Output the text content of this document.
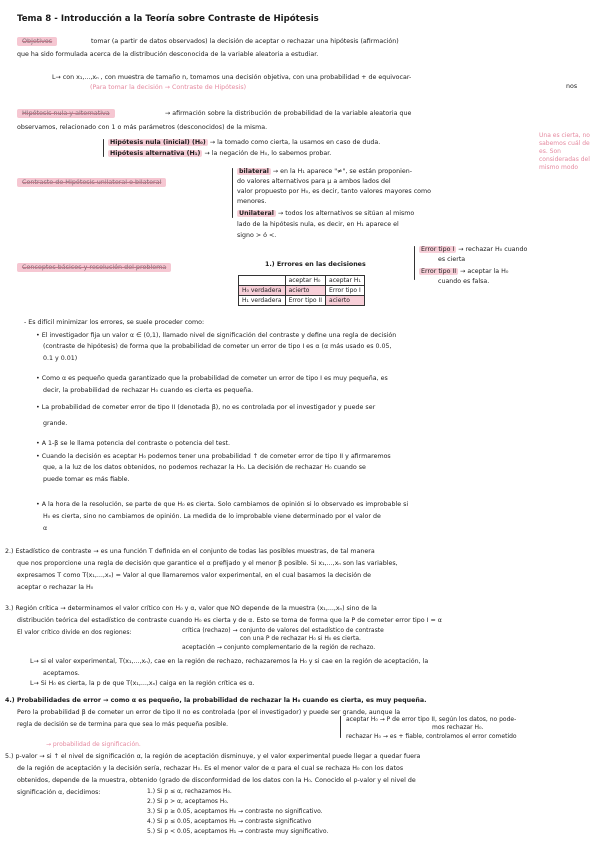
Tema 8 - Introducción a la Teoría sobre Contraste de Hipótesis
Objetivos	tomar (a partir de datos observados) la decisión de aceptar o rechazar una hipótesis (afirmación)
que ha sido formulada acerca de la distribución desconocida de la variable aleatoria a estudiar.
L→ con x₁,...,xₙ , con muestra de tamaño n, tomamos una decisión objetiva, con una probabilidad + de equivocar-
nos
(Para tomar la decisión → Contraste de Hipótesis)
Hipótesis nula y alternativa	→ afirmación sobre la distribución de probabilidad de la variable aleatoria que
observamos, relacionado con 1 o más parámetros (desconocidos) de la misma.
Hipótesis nula (inicial) (H₀) → la tomado como cierta, la usamos en caso de duda.
Hipótesis alternativa (H₁) → la negación de H₀, lo sabemos probar.
Una es cierta, no sabemos cuál de es. Son consideradas del mismo modo
Contraste de Hipótesis unilateral o bilateral
bilateral → en la H₁ aparece "≠", se están proponien-
do valores alternativos para μ a ambos lados del
valor propuesto por H₀, es decir, tanto valores mayores como
menores.
Unilateral → todos los alternativos se sitúan al mismo
lado de la hipótesis nula, es decir, en H₁ aparece el
signo > ó <.
Conceptos básicos y resolución del problema	1.) Errores en las decisiones
Error tipo I → rechazar H₀ cuando
es cierta
Error tipo II → aceptar la H₀
cuando es falsa.
	aceptar H₀	aceptar H₁
H₀ verdadera	acierto	Error tipo I
H₁ verdadera	Error tipo II	acierto
- Es difícil minimizar los errores, se suele proceder como:
• El investigador fija un valor α ∈ (0,1), llamado nivel de significación del contraste y define una regla de decisión
(contraste de hipótesis) de forma que la probabilidad de cometer un error de tipo I es α (α más usado es 0.05,
0.1 y 0.01)
• Como α es pequeño queda garantizado que la probabilidad de cometer un error de tipo I es muy pequeña, es
decir, la probabilidad de rechazar H₀ cuando es cierta es pequeña.
• La probabilidad de cometer error de tipo II (denotada β), no es controlada por el investigador y puede ser
grande.
• A 1-β se le llama potencia del contraste o potencia del test.
• Cuando la decisión es aceptar H₀ podemos tener una probabilidad ↑ de cometer error de tipo II y afirmaremos
que, a la luz de los datos obtenidos, no podemos rechazar la H₀. La decisión de rechazar H₀ cuando se
puede tomar es más fiable.
• A la hora de la resolución, se parte de que H₀ es cierta. Solo cambiamos de opinión si lo observado es improbable si
H₀ es cierta, sino no cambiamos de opinión. La medida de lo improbable viene determinado por el valor de
α
2.) Estadístico de contraste → es una función T definida en el conjunto de todas las posibles muestras, de tal manera
que nos proporcione una regla de decisión que garantice el α prefijado y el menor β posible. Si x₁,...,xₙ son las variables,
expresamos T como T(x₁,...,xₙ) = Valor al que llamaremos valor experimental, en el cual basamos la decisión de
aceptar o rechazar la H₀
3.) Región crítica → determinamos el valor crítico con H₀ y α, valor que NO depende de la muestra (x₁,...,xₙ) sino de la
distribución teórica del estadístico de contraste cuando H₀ es cierta y de α. Esto se toma de forma que la P de cometer error tipo I = α
El valor crítico divide en dos regiones:	crítica (rechazo) → conjunto de valores del estadístico de contraste
con una P de rechazar H₀ si H₀ es cierta.
aceptación → conjunto complementario de la región de rechazo.
L→ si el valor experimental, T(x₁,...,xₙ), cae en la región de rechazo, rechazaremos la H₀ y si cae en la región de aceptación, la
aceptamos.
L→ Si H₀ es cierta, la p de que T(x₁,...,xₙ) caiga en la región crítica es α.
4.) Probabilidades de error → como α es pequeño, la probabilidad de rechazar la H₀ cuando es cierta, es muy pequeña.
Pero la probabilidad β de cometer un error de tipo II no es controlada (por el investigador) y puede ser grande, aunque la
regla de decisión se de termina para que sea lo más pequeña posible.
aceptar H₀ → P de error tipo II, según los datos, no pode-
mos rechazar H₀.
rechazar H₀ → es + fiable, controlamos el error cometido
→ probabilidad de significación.
5.) p-valor → si ↑ el nivel de significación α, la región de aceptación disminuye, y el valor experimental puede llegar a quedar fuera
de la región de aceptación y la decisión sería, rechazar H₀. Es el menor valor de α para el cual se rechaza H₀ con los datos
obtenidos, depende de la muestra, obtenido (grado de disconformidad de los datos con la H₀. Conocido el p-valor y el nivel de
significación α, decidimos:	1.) Si p ≤ α, rechazamos H₀.
2.) Si p > α, aceptamos H₀.
3.) Si p ≥ 0.05, aceptamos H₀ → contraste no significativo.
4.) Si p ≤ 0.05, aceptamos H₁ → contraste significativo
5.) Si p < 0.05, aceptamos H₁ → contraste muy significativo.
